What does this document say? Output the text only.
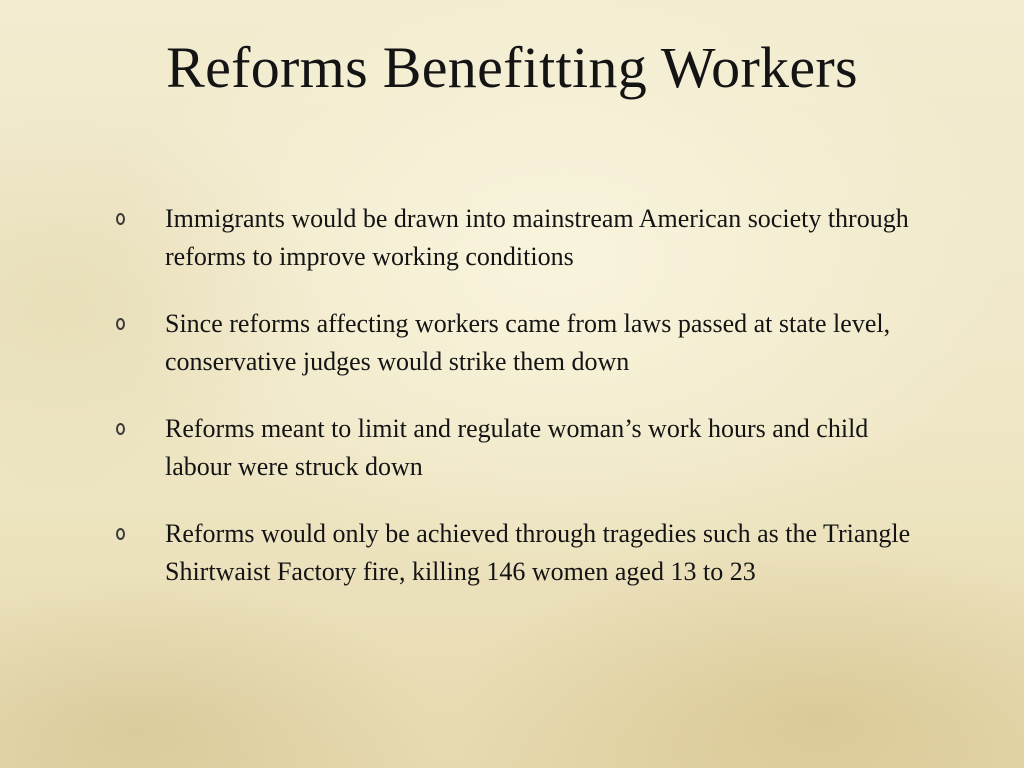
Reforms Benefitting Workers
Immigrants would be drawn into mainstream American society through reforms to improve working conditions
Since reforms affecting workers came from laws passed at state level, conservative judges would strike them down
Reforms meant to limit and regulate woman’s work hours and child labour were struck down
Reforms would only be achieved through tragedies such as the Triangle Shirtwaist Factory fire, killing 146 women aged 13 to 23
